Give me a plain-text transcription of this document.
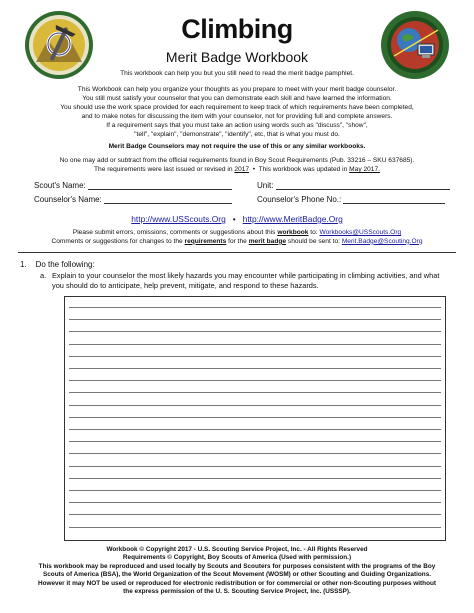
Climbing
Merit Badge Workbook
This workbook can help you but you still need to read the merit badge pamphlet.
This Workbook can help you organize your thoughts as you prepare to meet with your merit badge counselor.
You still must satisfy your counselor that you can demonstrate each skill and have learned the information.
You should use the work space provided for each requirement to keep track of which requirements have been completed,
and to make notes for discussing the item with your counselor, not for providing full and complete answers.
If a requirement says that you must take an action using words such as "discuss", "show",
"tell", "explain", "demonstrate", "identify", etc, that is what you must do.
Merit Badge Counselors may not require the use of this or any similar workbooks.
No one may add or subtract from the official requirements found in Boy Scout Requirements (Pub. 33216 – SKU 637685).
The requirements were last issued or revised in 2017 • This workbook was updated in May 2017.
Scout's Name:	Unit:
Counselor's Name:	Counselor's Phone No.:
http://www.USScouts.Org • http://www.MeritBadge.Org
Please submit errors, omissions, comments or suggestions about this workbook to: Workbooks@USScouts.Org
Comments or suggestions for changes to the requirements for the merit badge should be sent to: Merit.Badge@Scouting.Org
1. Do the following:
a. Explain to your counselor the most likely hazards you may encounter while participating in climbing activities, and what you should do to anticipate, help prevent, mitigate, and respond to these hazards.
Workbook © Copyright 2017 - U.S. Scouting Service Project, Inc. - All Rights Reserved
Requirements © Copyright, Boy Scouts of America (Used with permission.)
This workbook may be reproduced and used locally by Scouts and Scouters for purposes consistent with the programs of the Boy
Scouts of America (BSA), the World Organization of the Scout Movement (WOSM) or other Scouting and Guiding Organizations.
However it may NOT be used or reproduced for electronic redistribution or for commercial or other non-Scouting purposes without
the express permission of the U. S. Scouting Service Project, Inc. (USSSP).
